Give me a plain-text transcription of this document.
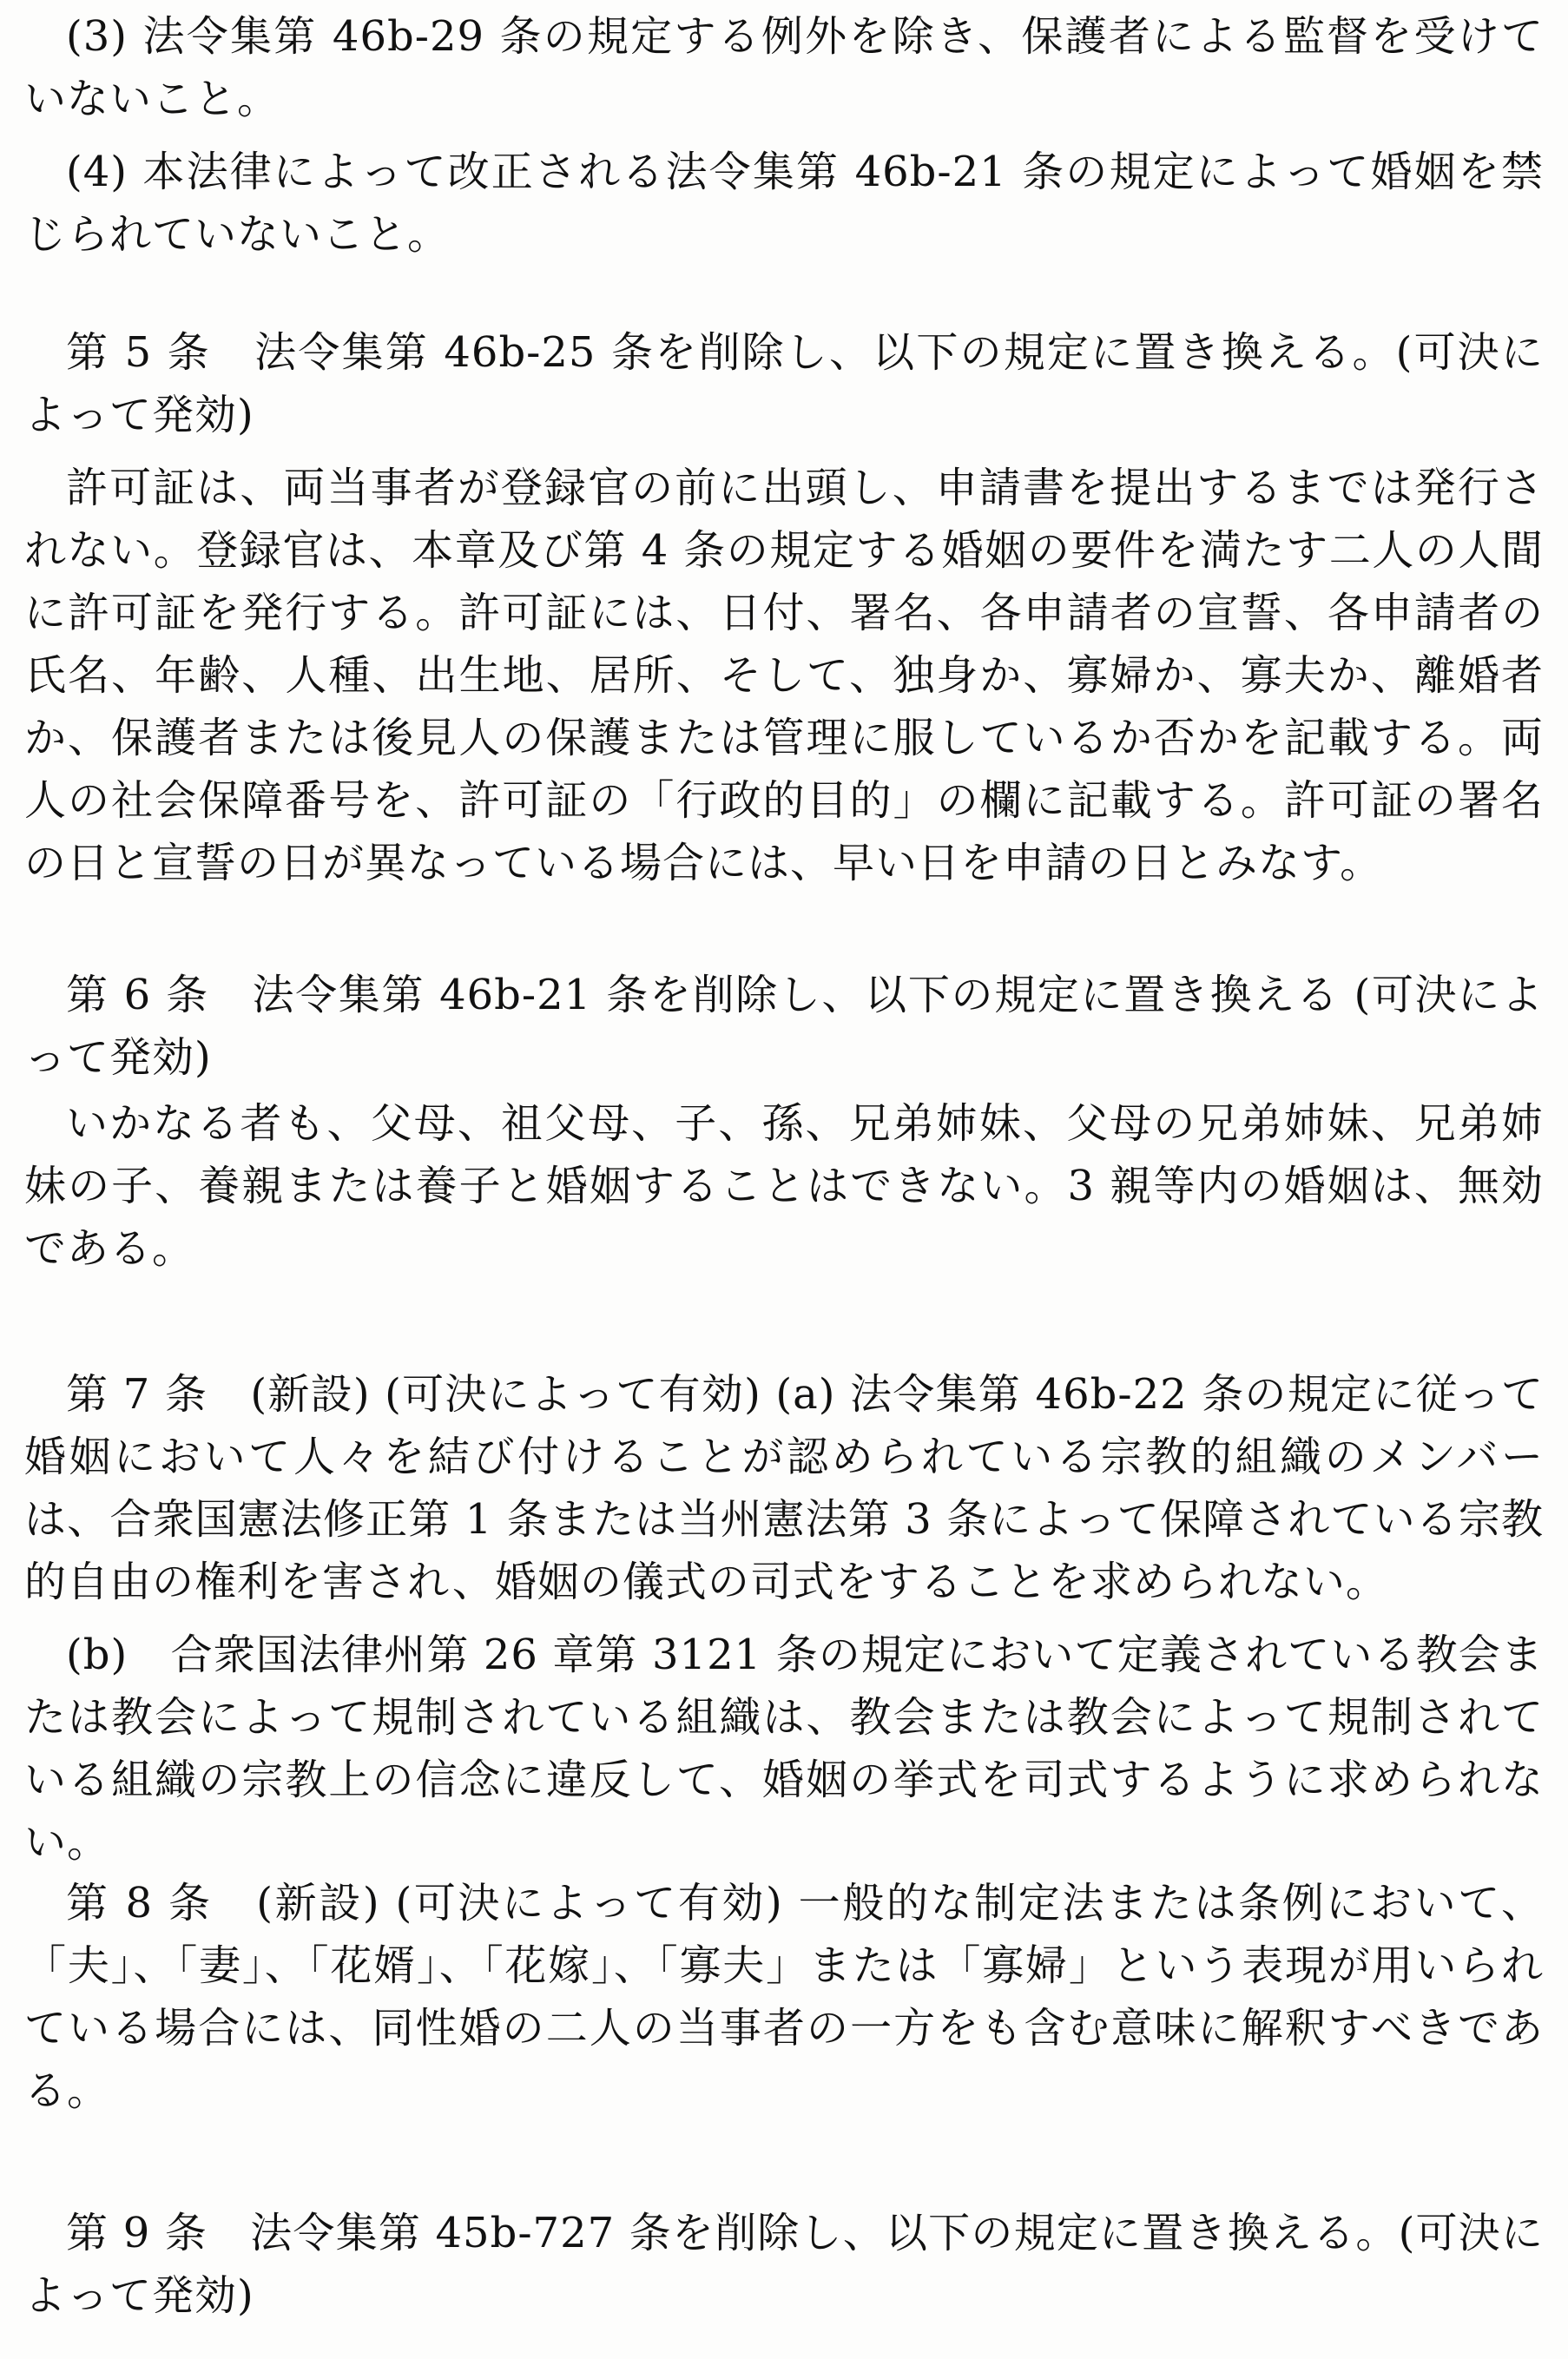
(3) 法令集第 46b-29 条の規定する例外を除き、保護者による監督を受けていないこと。

(4) 本法律によって改正される法令集第 46b-21 条の規定によって婚姻を禁じられていないこと。

第 5 条　法令集第 46b-25 条を削除し、以下の規定に置き換える。(可決によって発効)

許可証は、両当事者が登録官の前に出頭し、申請書を提出するまでは発行されない。登録官は、本章及び第 4 条の規定する婚姻の要件を満たす二人の人間に許可証を発行する。許可証には、日付、署名、各申請者の宣誓、各申請者の氏名、年齢、人種、出生地、居所、そして、独身か、寡婦か、寡夫か、離婚者か、保護者または後見人の保護または管理に服しているか否かを記載する。両人の社会保障番号を、許可証の「行政的目的」の欄に記載する。許可証の署名の日と宣誓の日が異なっている場合には、早い日を申請の日とみなす。

第 6 条　法令集第 46b-21 条を削除し、以下の規定に置き換える (可決によって発効)

いかなる者も、父母、祖父母、子、孫、兄弟姉妹、父母の兄弟姉妹、兄弟姉妹の子、養親または養子と婚姻することはできない。3 親等内の婚姻は、無効である。

第 7 条　(新設) (可決によって有効) (a) 法令集第 46b-22 条の規定に従って婚姻において人々を結び付けることが認められている宗教的組織のメンバーは、合衆国憲法修正第 1 条または当州憲法第 3 条によって保障されている宗教的自由の権利を害され、婚姻の儀式の司式をすることを求められない。

(b)　合衆国法律州第 26 章第 3121 条の規定において定義されている教会または教会によって規制されている組織は、教会または教会によって規制されている組織の宗教上の信念に違反して、婚姻の挙式を司式するように求められない。

第 8 条　(新設) (可決によって有効) 一般的な制定法または条例において、「夫」、「妻」、「花婿」、「花嫁」、「寡夫」または「寡婦」という表現が用いられている場合には、同性婚の二人の当事者の一方をも含む意味に解釈すべきである。

第 9 条　法令集第 45b-727 条を削除し、以下の規定に置き換える。(可決によって発効)
